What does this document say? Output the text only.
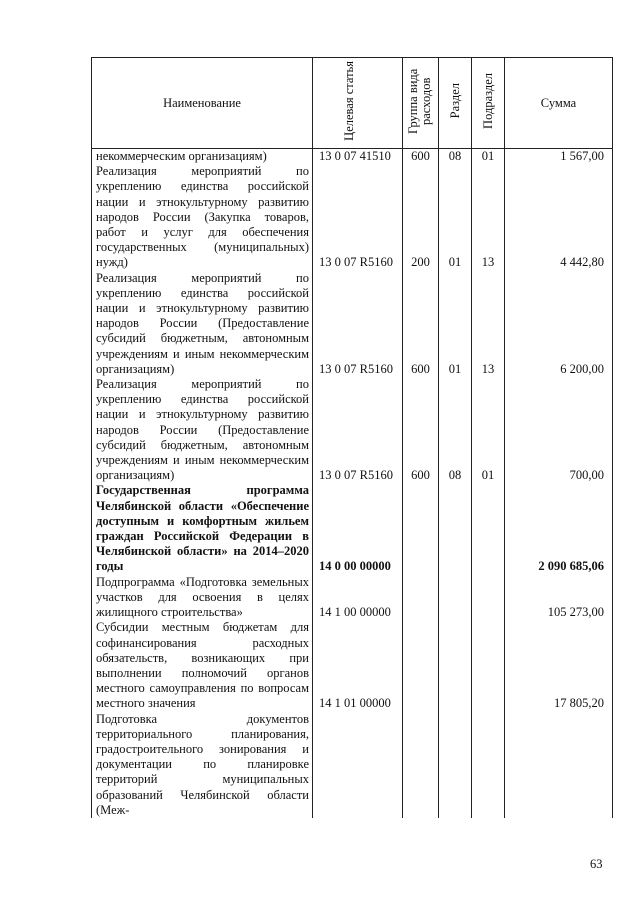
Наименование	Целевая статья	Группа вида расходов	Раздел	Подраздел	Сумма
некоммерческим организациям)	13 0 07 41510	600	08	01	1 567,00
Реализация мероприятий по укреплению единства российской нации и этнокультурному развитию народов России (Закупка товаров, работ и услуг для обеспечения государственных (муниципальных) нужд)	13 0 07 R5160	200	01	13	4 442,80
Реализация мероприятий по укреплению единства российской нации и этнокультурному развитию народов России (Предоставление субсидий бюджетным, автономным учреждениям и иным некоммерческим организациям)	13 0 07 R5160	600	01	13	6 200,00
Реализация мероприятий по укреплению единства российской нации и этнокультурному развитию народов России (Предоставление субсидий бюджетным, автономным учреждениям и иным некоммерческим организациям)	13 0 07 R5160	600	08	01	700,00
Государственная программа Челябинской области «Обеспечение доступным и комфортным жильем граждан Российской Федерации в Челябинской области» на 2014–2020 годы	14 0 00 00000				2 090 685,06
Подпрограмма «Подготовка земельных участков для освоения в целях жилищного строительства»	14 1 00 00000				105 273,00
Субсидии местным бюджетам для софинансирования расходных обязательств, возникающих при выполнении полномочий органов местного самоуправления по вопросам местного значения	14 1 01 00000				17 805,20
Подготовка документов территориального планирования, градостроительного зонирования и документации по планировке территорий муниципальных образований Челябинской области (Меж-					
63
